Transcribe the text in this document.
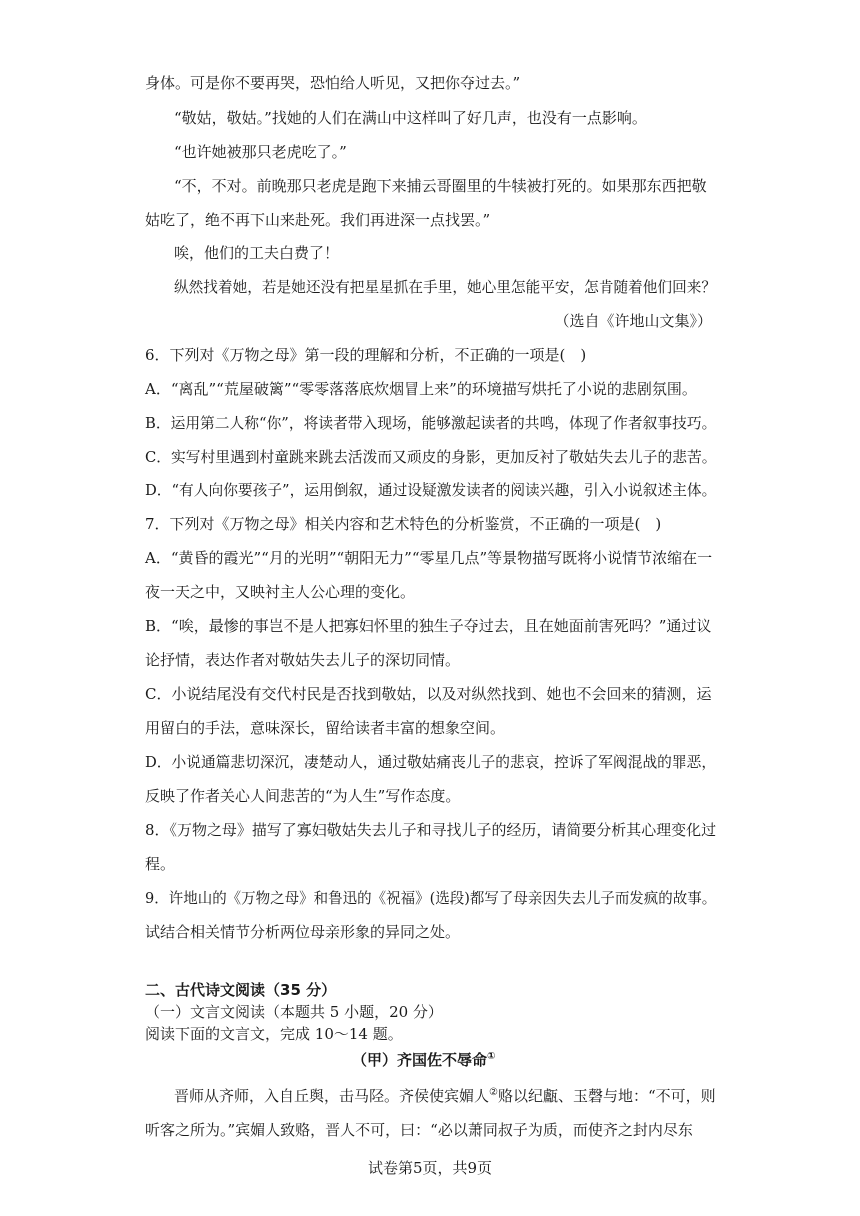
身体。可是你不要再哭，恐怕给人听见，又把你夺过去。”
“敬姑，敬姑。”找她的人们在满山中这样叫了好几声，也没有一点影响。
“也许她被那只老虎吃了。”
“不，不对。前晚那只老虎是跑下来捕云哥圈里的牛犊被打死的。如果那东西把敬
姑吃了，绝不再下山来赴死。我们再进深一点找罢。”
唉，他们的工夫白费了！
纵然找着她，若是她还没有把星星抓在手里，她心里怎能平安，怎肯随着他们回来？
（选自《许地山文集》）
6．下列对《万物之母》第一段的理解和分析，不正确的一项是(　)
A．“离乱”“荒屋破篱”“零零落落底炊烟冒上来”的环境描写烘托了小说的悲剧氛围。
B．运用第二人称“你”，将读者带入现场，能够激起读者的共鸣，体现了作者叙事技巧。
C．实写村里遇到村童跳来跳去活泼而又顽皮的身影，更加反衬了敬姑失去儿子的悲苦。
D．“有人向你要孩子”，运用倒叙，通过设疑激发读者的阅读兴趣，引入小说叙述主体。
7．下列对《万物之母》相关内容和艺术特色的分析鉴赏，不正确的一项是(　)
A．“黄昏的霞光”“月的光明”“朝阳无力”“零星几点”等景物描写既将小说情节浓缩在一
夜一天之中，又映衬主人公心理的变化。
B．“唉，最惨的事岂不是人把寡妇怀里的独生子夺过去，且在她面前害死吗？”通过议
论抒情，表达作者对敬姑失去儿子的深切同情。
C．小说结尾没有交代村民是否找到敬姑，以及对纵然找到、她也不会回来的猜测，运
用留白的手法，意味深长，留给读者丰富的想象空间。
D．小说通篇悲切深沉，凄楚动人，通过敬姑痛丧儿子的悲哀，控诉了军阀混战的罪恶，
反映了作者关心人间悲苦的“为人生”写作态度。
8．《万物之母》描写了寡妇敬姑失去儿子和寻找儿子的经历，请简要分析其心理变化过
程。
9．许地山的《万物之母》和鲁迅的《祝福》(选段)都写了母亲因失去儿子而发疯的故事。
试结合相关情节分析两位母亲形象的异同之处。
二、古代诗文阅读（35 分）
（一）文言文阅读（本题共 5 小题，20 分）
阅读下面的文言文，完成 10～14 题。
（甲）齐国佐不辱命①
晋师从齐师，入自丘舆，击马陉。齐侯使宾媚人②赂以纪甗、玉磬与地：“不可，则
听客之所为。”宾媚人致赂，晋人不可，曰：“必以萧同叔子为质，而使齐之封内尽东
试卷第5页，共9页
